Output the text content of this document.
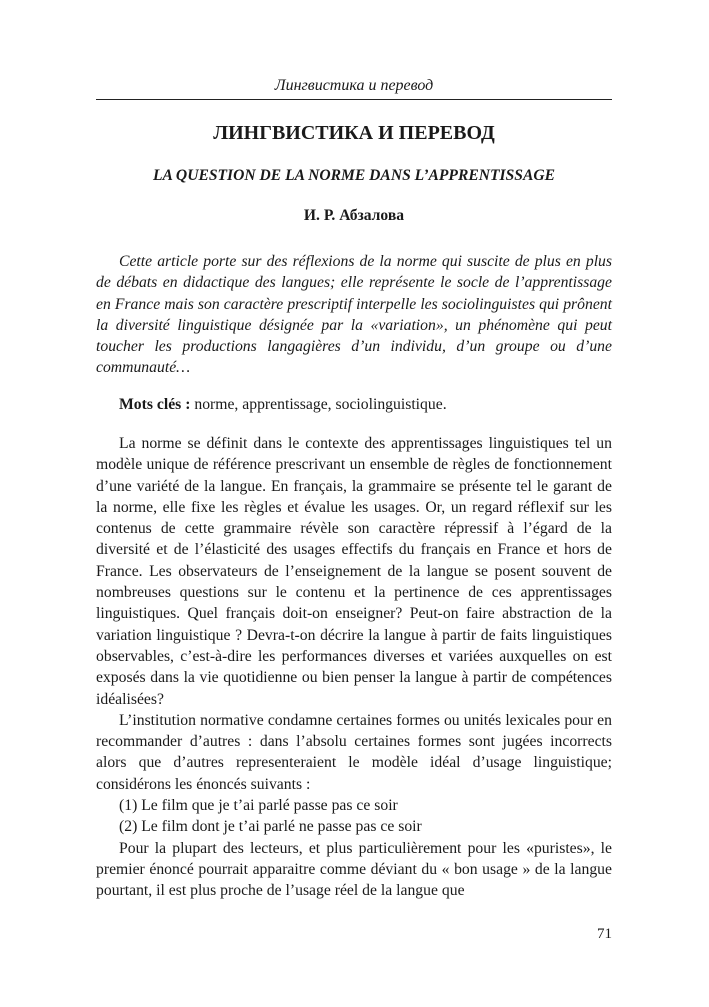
Лингвистика и перевод
ЛИНГВИСТИКА И ПЕРЕВОД
LA QUESTION DE LA NORME DANS L’APPRENTISSAGE
И. Р. Абзалова

Cette article porte sur des réflexions de la norme qui suscite de plus en plus de débats en didactique des langues; elle représente le socle de l’apprentissage en France mais son caractère prescriptif interpelle les sociolinguistes qui prônent la diversité linguistique désignée par la «variation», un phénomène qui peut toucher les productions langagières d’un individu, d’un groupe ou d’une communauté…

Mots clés : norme, apprentissage, sociolinguistique.

La norme se définit dans le contexte des apprentissages linguistiques tel un modèle unique de référence prescrivant un ensemble de règles de fonctionnement d’une variété de la langue. En français, la grammaire se présente tel le garant de la norme, elle fixe les règles et évalue les usages. Or, un regard réflexif sur les contenus de cette grammaire révèle son caractère répressif à l’égard de la diversité et de l’élasticité des usages effectifs du français en France et hors de France. Les observateurs de l’enseignement de la langue se posent souvent de nombreuses questions sur le contenu et la pertinence de ces apprentissages linguistiques. Quel français doit-on enseigner? Peut-on faire abstraction de la variation linguistique ? Devra-t-on décrire la langue à partir de faits linguistiques observables, c’est-à-dire les performances diverses et variées auxquelles on est exposés dans la vie quotidienne ou bien penser la langue à partir de compétences idéalisées?

L’institution normative condamne certaines formes ou unités lexicales pour en recommander d’autres : dans l’absolu certaines formes sont jugées incorrects alors que d’autres representeraient le modèle idéal d’usage linguistique; considérons les énoncés suivants :

(1) Le film que je t’ai parlé passe pas ce soir

(2) Le film dont je t’ai parlé ne passe pas ce soir

Pour la plupart des lecteurs, et plus particulièrement pour les «puristes», le premier énoncé pourrait apparaitre comme déviant du « bon usage » de la langue pourtant, il est plus proche de l’usage réel de la langue que

71
